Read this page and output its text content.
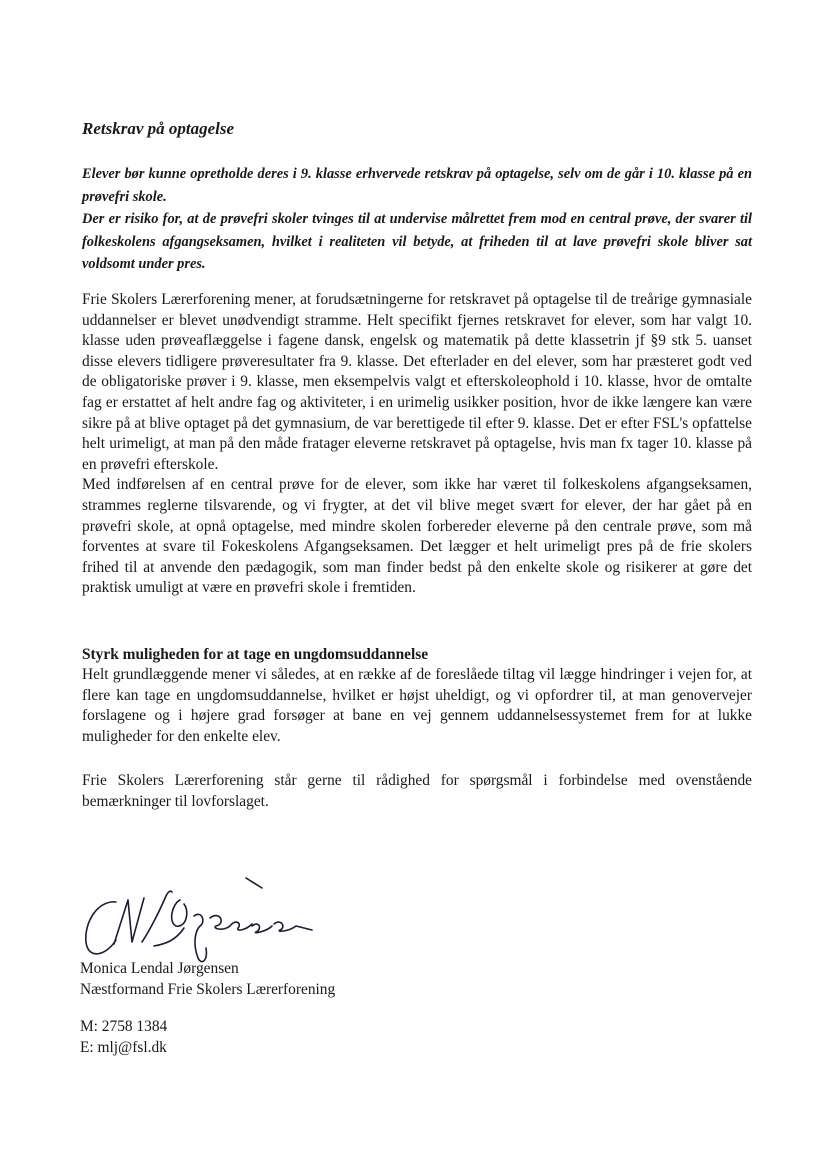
Retskrav på optagelse

Elever bør kunne opretholde deres i 9. klasse erhvervede retskrav på optagelse, selv om de går i 10. klasse på en prøvefri skole.

Der er risiko for, at de prøvefri skoler tvinges til at undervise målrettet frem mod en central prøve, der svarer til folkeskolens afgangseksamen, hvilket i realiteten vil betyde, at friheden til at lave prøvefri skole bliver sat voldsomt under pres.

Frie Skolers Lærerforening mener, at forudsætningerne for retskravet på optagelse til de treårige gymnasiale uddannelser er blevet unødvendigt stramme. Helt specifikt fjernes retskravet for elever, som har valgt 10. klasse uden prøveaflæggelse i fagene dansk, engelsk og matematik på dette klassetrin jf §9 stk 5. uanset disse elevers tidligere prøveresultater fra 9. klasse. Det efterlader en del elever, som har præsteret godt ved de obligatoriske prøver i 9. klasse, men eksempelvis valgt et efterskoleophold i 10. klasse, hvor de omtalte fag er erstattet af helt andre fag og aktiviteter, i en urimelig usikker position, hvor de ikke længere kan være sikre på at blive optaget på det gymnasium, de var berettigede til efter 9. klasse. Det er efter FSL's opfattelse helt urimeligt, at man på den måde fratager eleverne retskravet på optagelse, hvis man fx tager 10. klasse på en prøvefri efterskole.

Med indførelsen af en central prøve for de elever, som ikke har været til folkeskolens afgangseksamen, strammes reglerne tilsvarende, og vi frygter, at det vil blive meget svært for elever, der har gået på en prøvefri skole, at opnå optagelse, med mindre skolen forbereder eleverne på den centrale prøve, som må forventes at svare til Fokeskolens Afgangseksamen. Det lægger et helt urimeligt pres på de frie skolers frihed til at anvende den pædagogik, som man finder bedst på den enkelte skole og risikerer at gøre det praktisk umuligt at være en prøvefri skole i fremtiden.

Styrk muligheden for at tage en ungdomsuddannelse
Helt grundlæggende mener vi således, at en række af de foreslåede tiltag vil lægge hindringer i vejen for, at flere kan tage en ungdomsuddannelse, hvilket er højst uheldigt, og vi opfordrer til, at man genovervejer forslagene og i højere grad forsøger at bane en vej gennem uddannelsessystemet frem for at lukke muligheder for den enkelte elev.
Frie Skolers Lærerforening står gerne til rådighed for spørgsmål i forbindelse med ovenstående bemærkninger til lovforslaget.
Monica Lendal Jørgensen
Næstformand Frie Skolers Lærerforening
M: 2758 1384
E: mlj@fsl.dk
